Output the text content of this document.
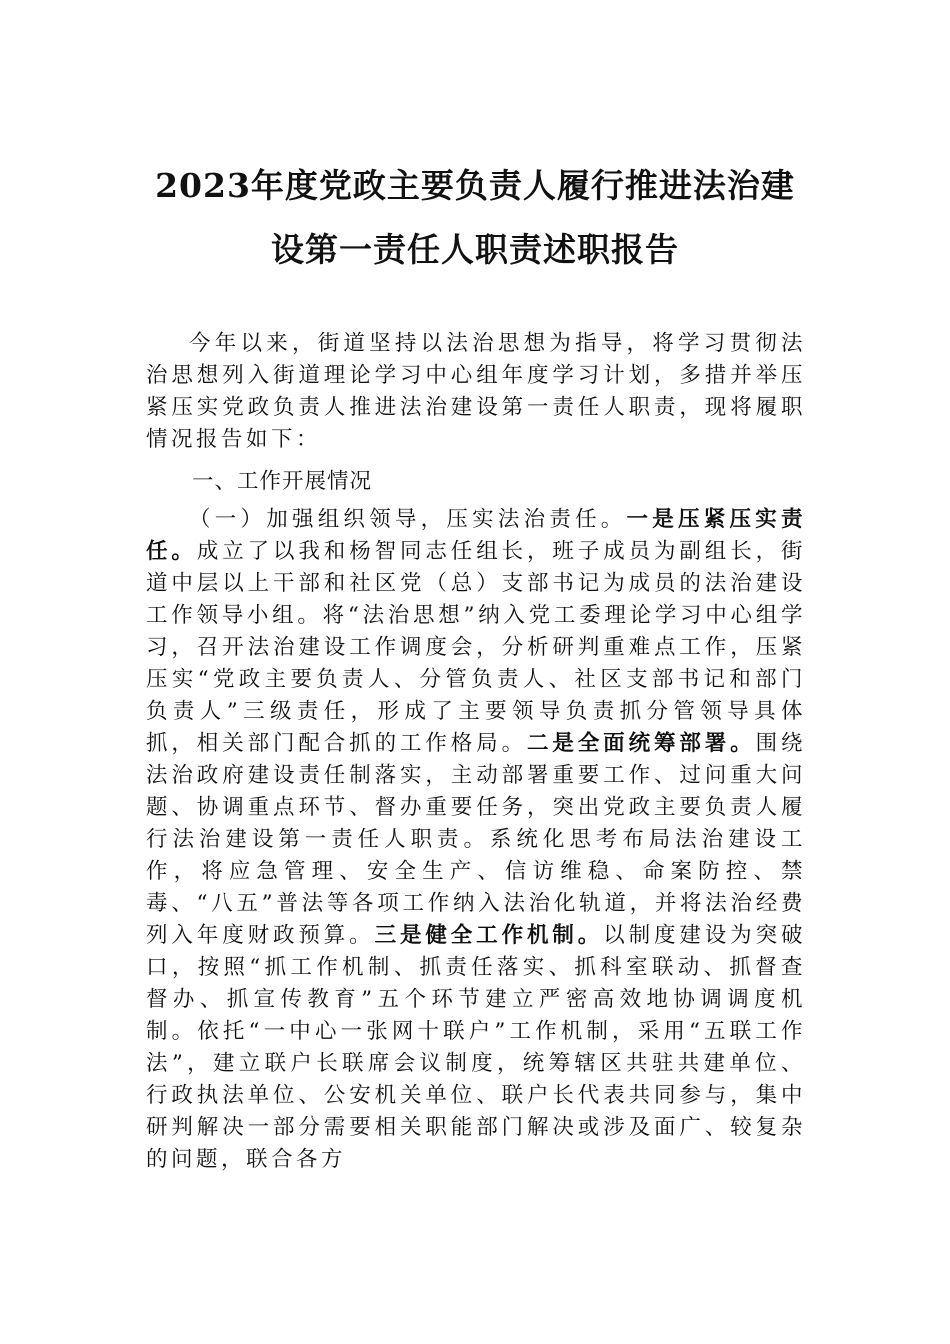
2023年度党政主要负责人履行推进法治建
设第一责任人职责述职报告
今年以来，街道坚持以法治思想为指导，将学习贯彻法治思想列入街道理论学习中心组年度学习计划，多措并举压紧压实党政负责人推进法治建设第一责任人职责，现将履职情况报告如下：
一、工作开展情况
（一）加强组织领导，压实法治责任。一是压紧压实责任。成立了以我和杨智同志任组长，班子成员为副组长，街道中层以上干部和社区党（总）支部书记为成员的法治建设工作领导小组。将“法治思想”纳入党工委理论学习中心组学习，召开法治建设工作调度会，分析研判重难点工作，压紧压实“党政主要负责人、分管负责人、社区支部书记和部门负责人”三级责任，形成了主要领导负责抓分管领导具体抓，相关部门配合抓的工作格局。二是全面统筹部署。围绕法治政府建设责任制落实，主动部署重要工作、过问重大问题、协调重点环节、督办重要任务，突出党政主要负责人履行法治建设第一责任人职责。系统化思考布局法治建设工作，将应急管理、安全生产、信访维稳、命案防控、禁毒、“八五”普法等各项工作纳入法治化轨道，并将法治经费列入年度财政预算。三是健全工作机制。以制度建设为突破口，按照“抓工作机制、抓责任落实、抓科室联动、抓督查督办、抓宣传教育”五个环节建立严密高效地协调调度机制。依托“一中心一张网十联户”工作机制，采用“五联工作法”，建立联户长联席会议制度，统筹辖区共驻共建单位、行政执法单位、公安机关单位、联户长代表共同参与，集中研判解决一部分需要相关职能部门解决或涉及面广、较复杂的问题，联合各方
